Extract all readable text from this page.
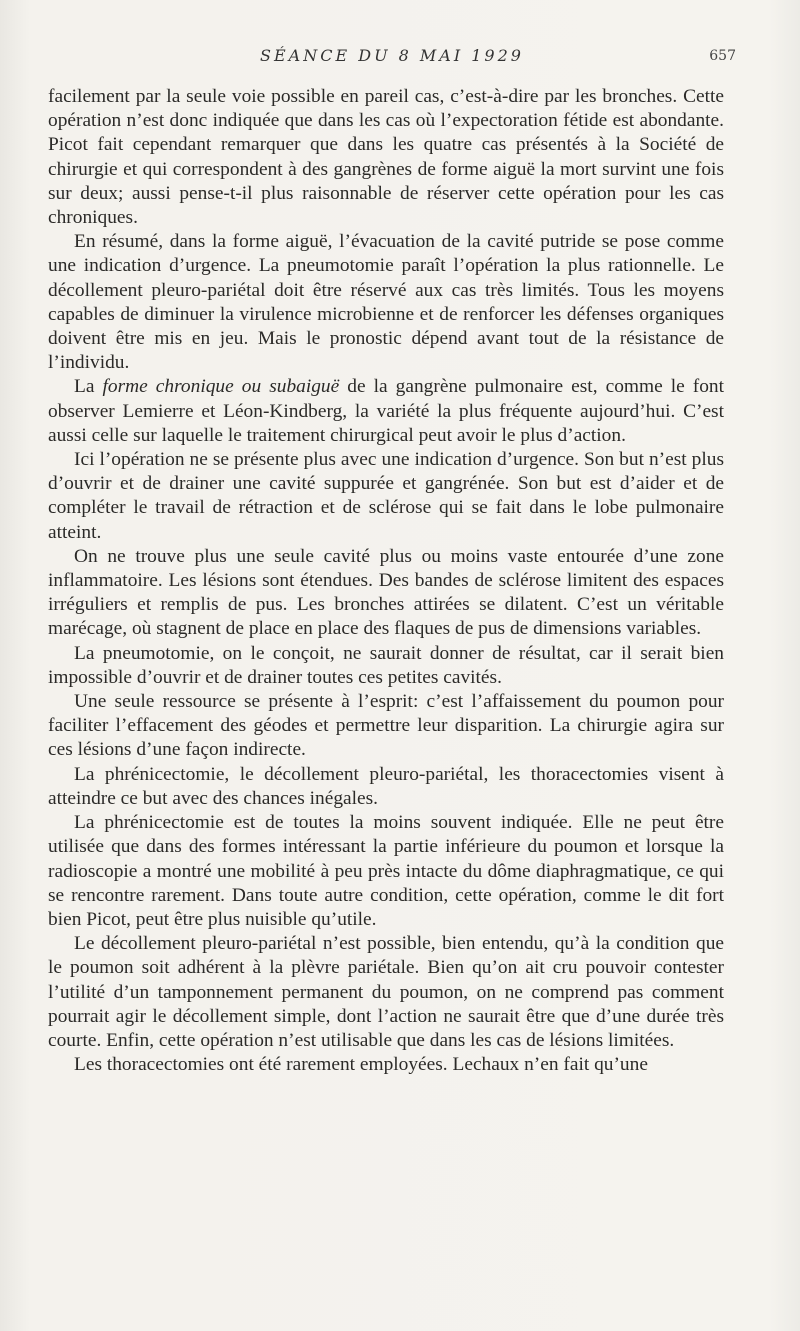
SÉANCE DU 8 MAI 1929	657

facilement par la seule voie possible en pareil cas, c’est-à-dire par les bronches. Cette opération n’est donc indiquée que dans les cas où l’expectoration fétide est abondante. Picot fait cependant remarquer que dans les quatre cas présentés à la Société de chirurgie et qui correspondent à des gangrènes de forme aiguë la mort survint une fois sur deux; aussi pense-t-il plus raisonnable de réserver cette opération pour les cas chroniques.

En résumé, dans la forme aiguë, l’évacuation de la cavité putride se pose comme une indication d’urgence. La pneumotomie paraît l’opération la plus rationnelle. Le décollement pleuro-pariétal doit être réservé aux cas très limités. Tous les moyens capables de diminuer la virulence microbienne et de renforcer les défenses organiques doivent être mis en jeu. Mais le pronostic dépend avant tout de la résistance de l’individu.

La forme chronique ou subaiguë de la gangrène pulmonaire est, comme le font observer Lemierre et Léon-Kindberg, la variété la plus fréquente aujourd’hui. C’est aussi celle sur laquelle le traitement chirurgical peut avoir le plus d’action.

Ici l’opération ne se présente plus avec une indication d’urgence. Son but n’est plus d’ouvrir et de drainer une cavité suppurée et gangrénée. Son but est d’aider et de compléter le travail de rétraction et de sclérose qui se fait dans le lobe pulmonaire atteint.

On ne trouve plus une seule cavité plus ou moins vaste entourée d’une zone inflammatoire. Les lésions sont étendues. Des bandes de sclérose limitent des espaces irréguliers et remplis de pus. Les bronches attirées se dilatent. C’est un véritable marécage, où stagnent de place en place des flaques de pus de dimensions variables.

La pneumotomie, on le conçoit, ne saurait donner de résultat, car il serait bien impossible d’ouvrir et de drainer toutes ces petites cavités.

Une seule ressource se présente à l’esprit: c’est l’affaissement du poumon pour faciliter l’effacement des géodes et permettre leur disparition. La chirurgie agira sur ces lésions d’une façon indirecte.

La phrénicectomie, le décollement pleuro-pariétal, les thoracectomies visent à atteindre ce but avec des chances inégales.

La phrénicectomie est de toutes la moins souvent indiquée. Elle ne peut être utilisée que dans des formes intéressant la partie inférieure du poumon et lorsque la radioscopie a montré une mobilité à peu près intacte du dôme diaphragmatique, ce qui se rencontre rarement. Dans toute autre condition, cette opération, comme le dit fort bien Picot, peut être plus nuisible qu’utile.

Le décollement pleuro-pariétal n’est possible, bien entendu, qu’à la condition que le poumon soit adhérent à la plèvre pariétale. Bien qu’on ait cru pouvoir contester l’utilité d’un tamponnement permanent du poumon, on ne comprend pas comment pourrait agir le décollement simple, dont l’action ne saurait être que d’une durée très courte. Enfin, cette opération n’est utilisable que dans les cas de lésions limitées.

Les thoracectomies ont été rarement employées. Lechaux n’en fait qu’une
